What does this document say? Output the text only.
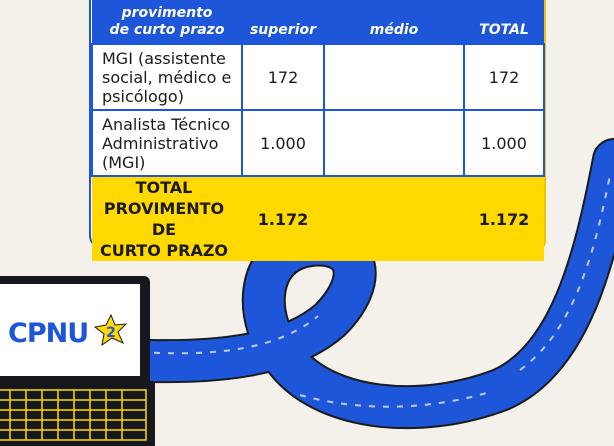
CPNU 2
provimento
de curto prazo	superior	médio	TOTAL
MGI (assistente
social, médico e
psicólogo)	172		172
Analista Técnico
Administrativo
(MGI)	1.000		1.000
TOTAL
PROVIMENTO DE
CURTO PRAZO	1.172		1.172
